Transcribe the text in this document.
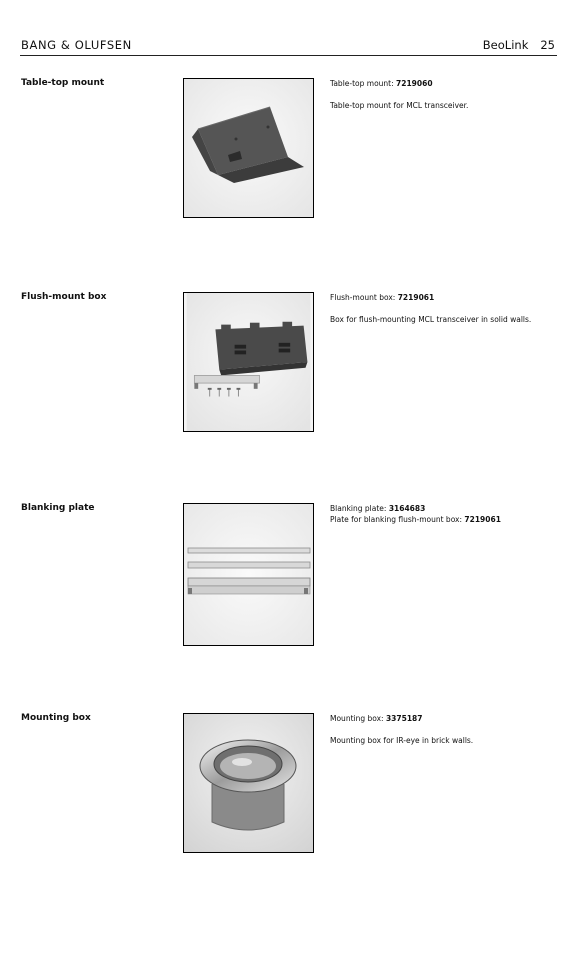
BANG & OLUFSEN	BeoLink 25
Table-top mount	Table-top mount: 7219060

Table-top mount for MCL transceiver.

Flush-mount box	Flush-mount box: 7219061

Box for flush-mounting MCL transceiver in solid walls.

Blanking plate	Blanking plate: 3164683

Plate for blanking flush-mount box: 7219061

Mounting box	Mounting box: 3375187

Mounting box for IR-eye in brick walls.
